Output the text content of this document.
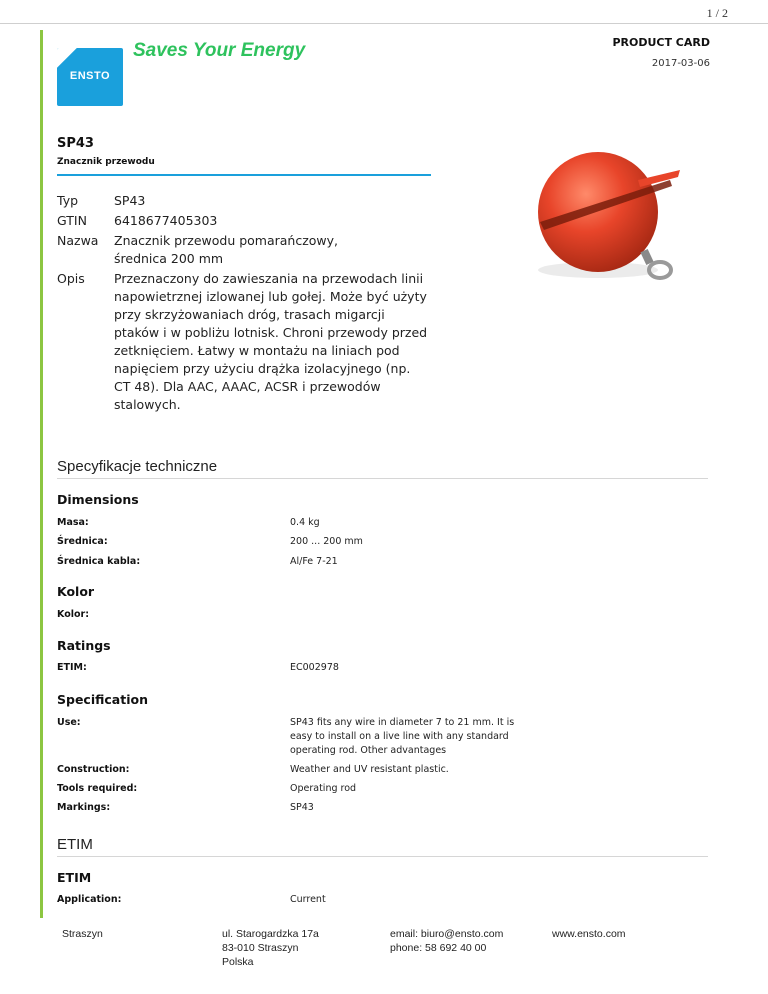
1 / 2
ENSTO
Saves Your Energy	PRODUCT CARD
2017-03-06
SP43
Znacznik przewodu
Typ	SP43
GTIN	6418677405303
Nazwa	Znacznik przewodu pomarańczowy, średnica 200 mm
Opis	Przeznaczony do zawieszania na przewodach linii napowietrznej izlowanej lub gołej. Może być użyty przy skrzyżowaniach dróg, trasach migarcji ptaków i w pobliżu lotnisk. Chroni przewody przed zetknięciem. Łatwy w montażu na liniach pod napięciem przy użyciu drążka izolacyjnego (np. CT 48). Dla AAC, AAAC, ACSR i przewodów stalowych.
Specyfikacje techniczne
Dimensions
Masa:	0.4 kg
Średnica:	200 ... 200 mm
Średnica kabla:	Al/Fe 7-21
Kolor
Kolor:
Ratings
ETIM:	EC002978
Specification
Use:	SP43 fits any wire in diameter 7 to 21 mm. It is easy to install on a live line with any standard operating rod. Other advantages
Construction:	Weather and UV resistant plastic.
Tools required:	Operating rod
Markings:	SP43
ETIM
ETIM
Application:	Current
Straszyn	ul. Starogardzka 17a
83-010 Straszyn
Polska
email: biuro@ensto.com
phone: 58 692 40 00
www.ensto.com
